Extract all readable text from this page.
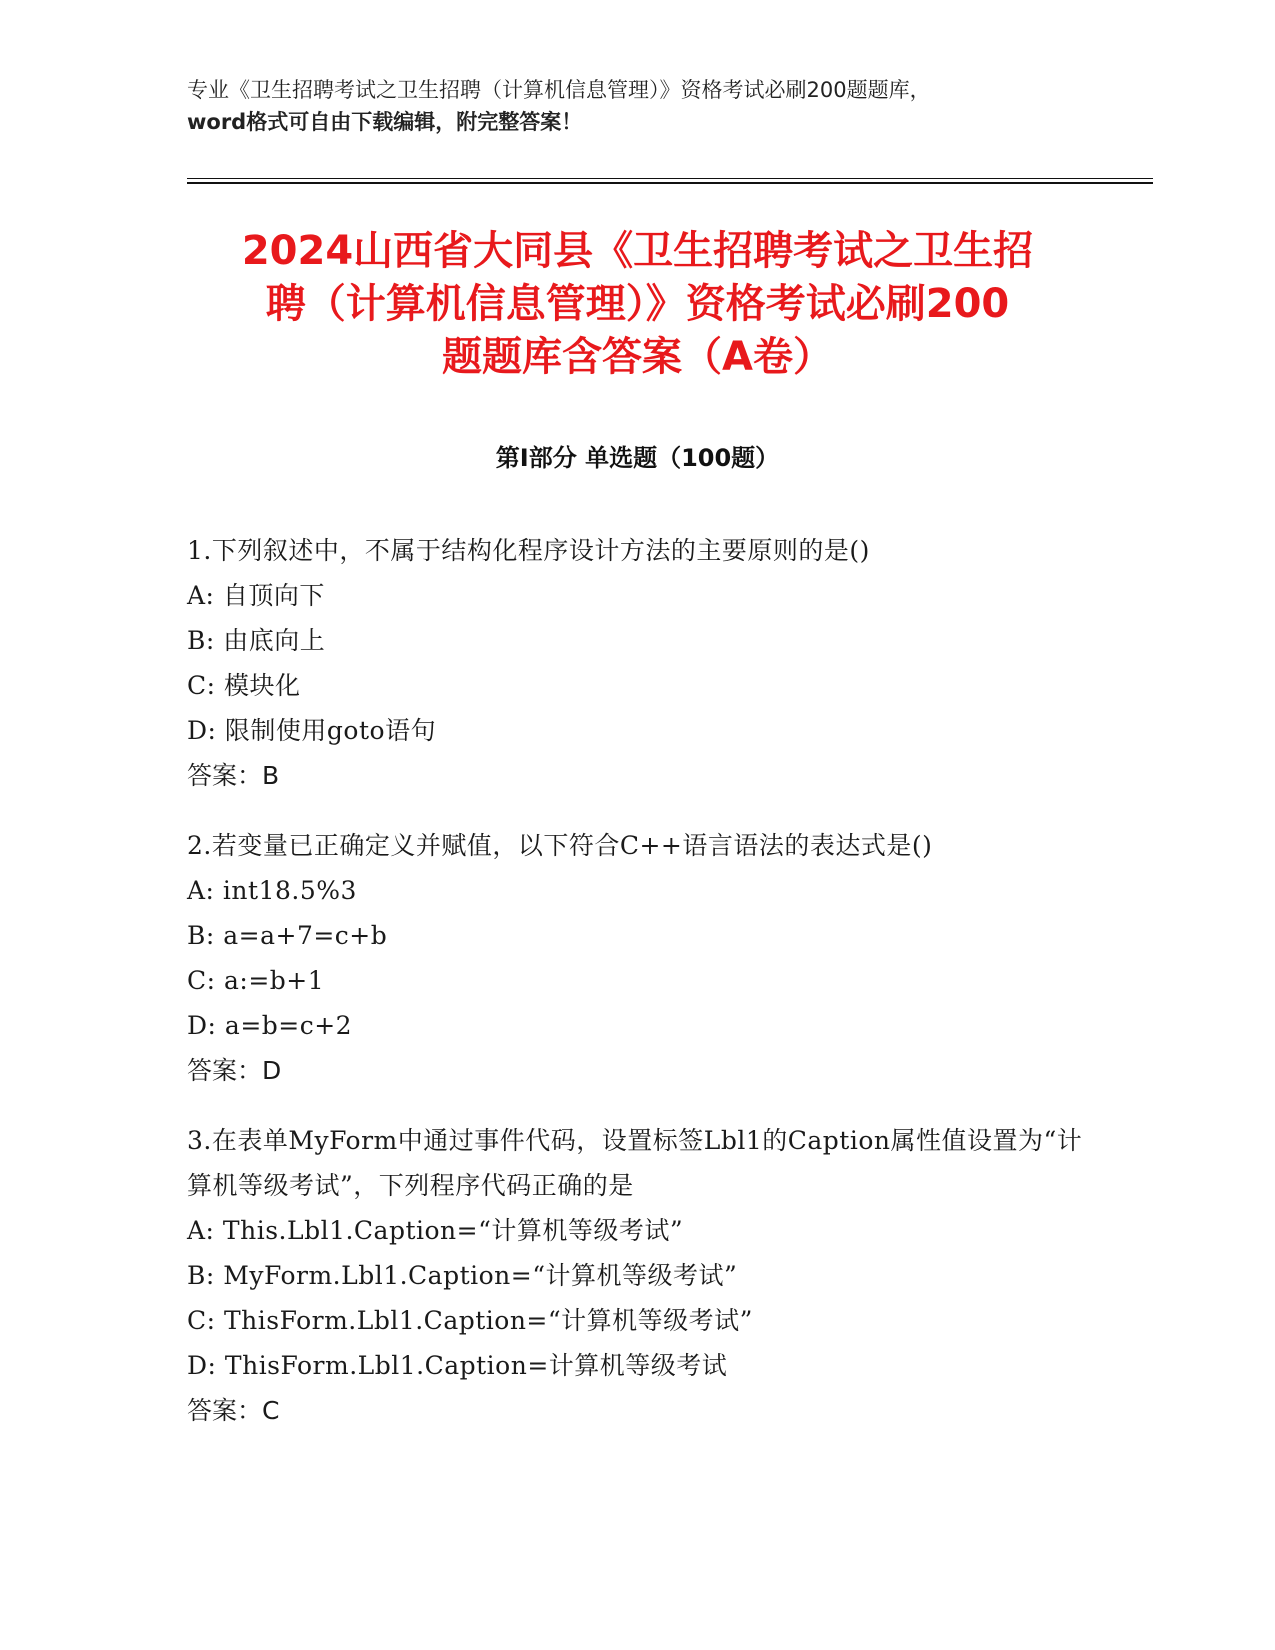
专业《卫生招聘考试之卫生招聘（计算机信息管理）》资格考试必刷200题题库，
word格式可自由下载编辑，附完整答案！
2024山西省大同县《卫生招聘考试之卫生招
聘（计算机信息管理）》资格考试必刷200
题题库含答案（A卷）
第Ⅰ部分 单选题（100题）
1.下列叙述中，不属于结构化程序设计方法的主要原则的是()
A: 自顶向下
B: 由底向上
C: 模块化
D: 限制使用goto语句
答案：B
2.若变量已正确定义并赋值，以下符合C++语言语法的表达式是()
A: int18.5%3
B: a=a+7=c+b
C: a:=b+1
D: a=b=c+2
答案：D
3.在表单MyForm中通过事件代码，设置标签Lbl1的Caption属性值设置为“计算机等级考试”，下列程序代码正确的是
A: This.Lbl1.Caption=“计算机等级考试”
B: MyForm.Lbl1.Caption=“计算机等级考试”
C: ThisForm.Lbl1.Caption=“计算机等级考试”
D: ThisForm.Lbl1.Caption=计算机等级考试
答案：C
